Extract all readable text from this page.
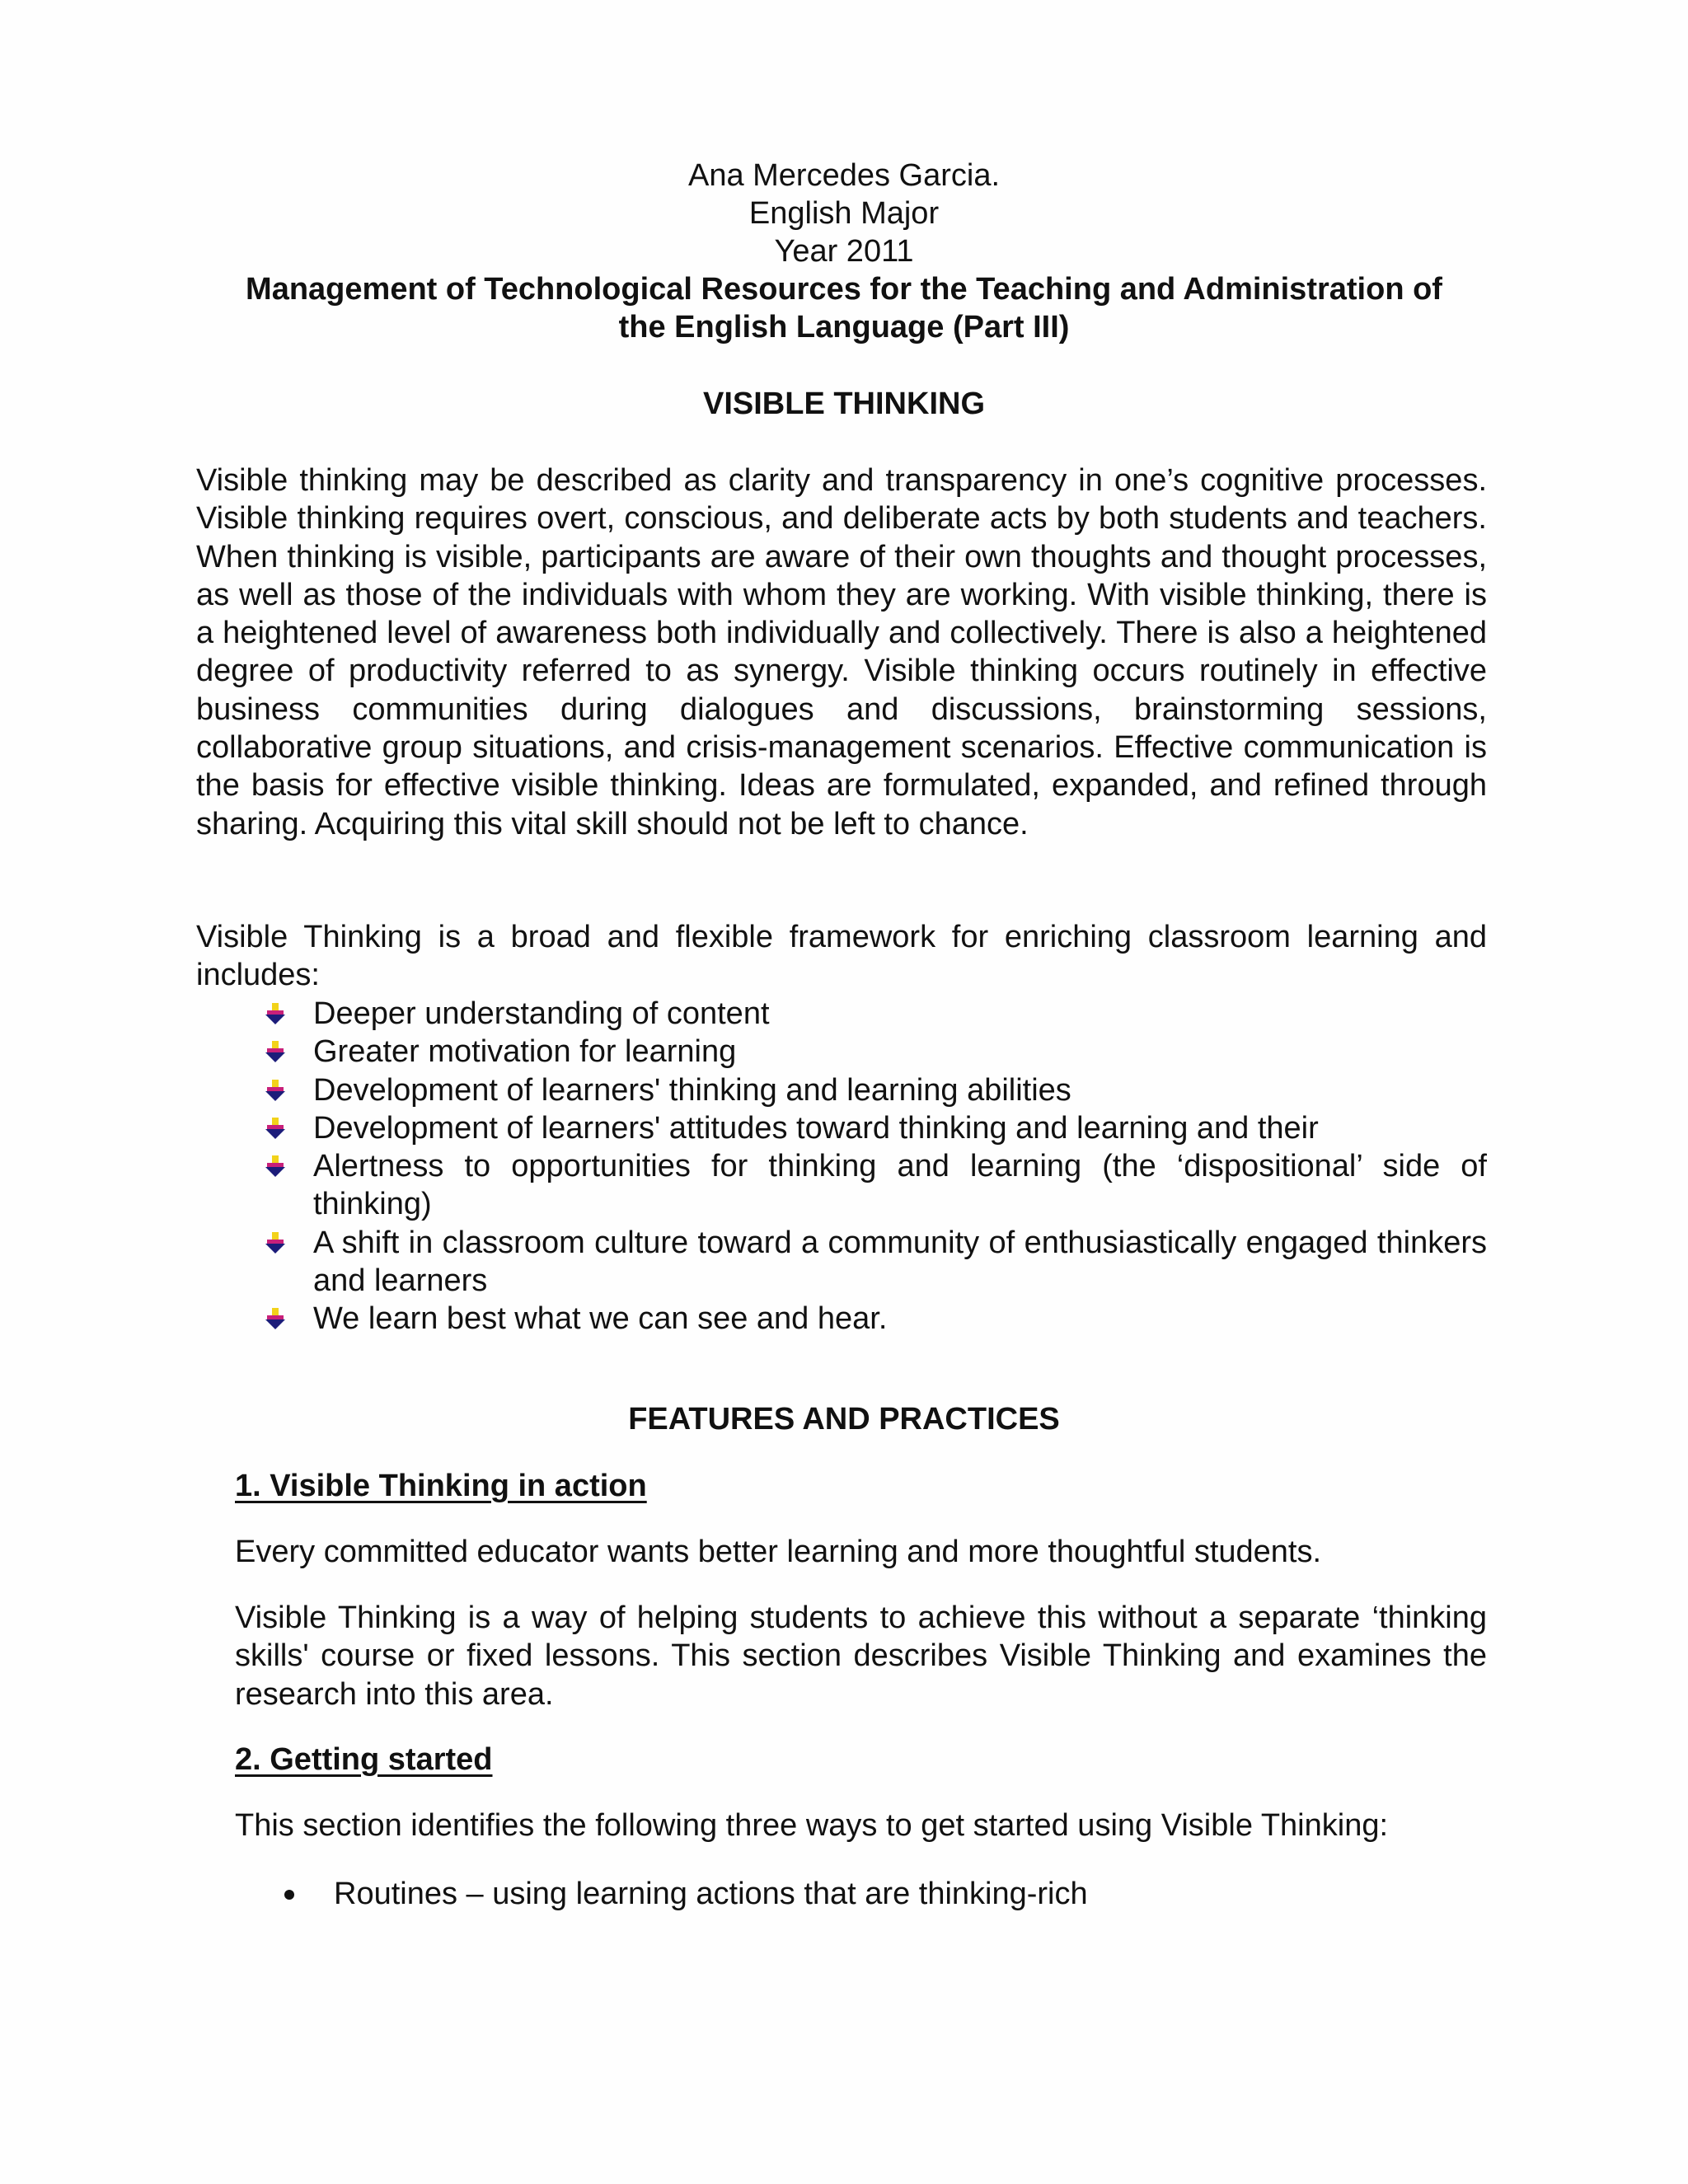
Ana Mercedes Garcia.
English Major
Year 2011
Management of Technological Resources for the Teaching and Administration of
the English Language (Part III)
VISIBLE THINKING

Visible thinking may be described as clarity and transparency in one’s cognitive processes. Visible thinking requires overt, conscious, and deliberate acts by both students and teachers. When thinking is visible, participants are aware of their own thoughts and thought processes, as well as those of the individuals with whom they are working. With visible thinking, there is a heightened level of awareness both individually and collectively. There is also a heightened degree of productivity referred to as synergy. Visible thinking occurs routinely in effective business communities during dialogues and discussions, brainstorming sessions, collaborative group situations, and crisis-management scenarios. Effective communication is the basis for effective visible thinking. Ideas are formulated, expanded, and refined through sharing. Acquiring this vital skill should not be left to chance.

Visible Thinking is a broad and flexible framework for enriching classroom learning and includes:

Deeper understanding of content
Greater motivation for learning
Development of learners' thinking and learning abilities
Development of learners' attitudes toward thinking and learning and their
Alertness to opportunities for thinking and learning (the ‘dispositional’ side of thinking)
A shift in classroom culture toward a community of enthusiastically engaged thinkers and learners
We learn best what we can see and hear.
FEATURES AND PRACTICES
1. Visible Thinking in action

Every committed educator wants better learning and more thoughtful students.

Visible Thinking is a way of helping students to achieve this without a separate ‘thinking skills' course or fixed lessons. This section describes Visible Thinking and examines the research into this area.

2. Getting started

This section identifies the following three ways to get started using Visible Thinking:

Routines – using learning actions that are thinking-rich
